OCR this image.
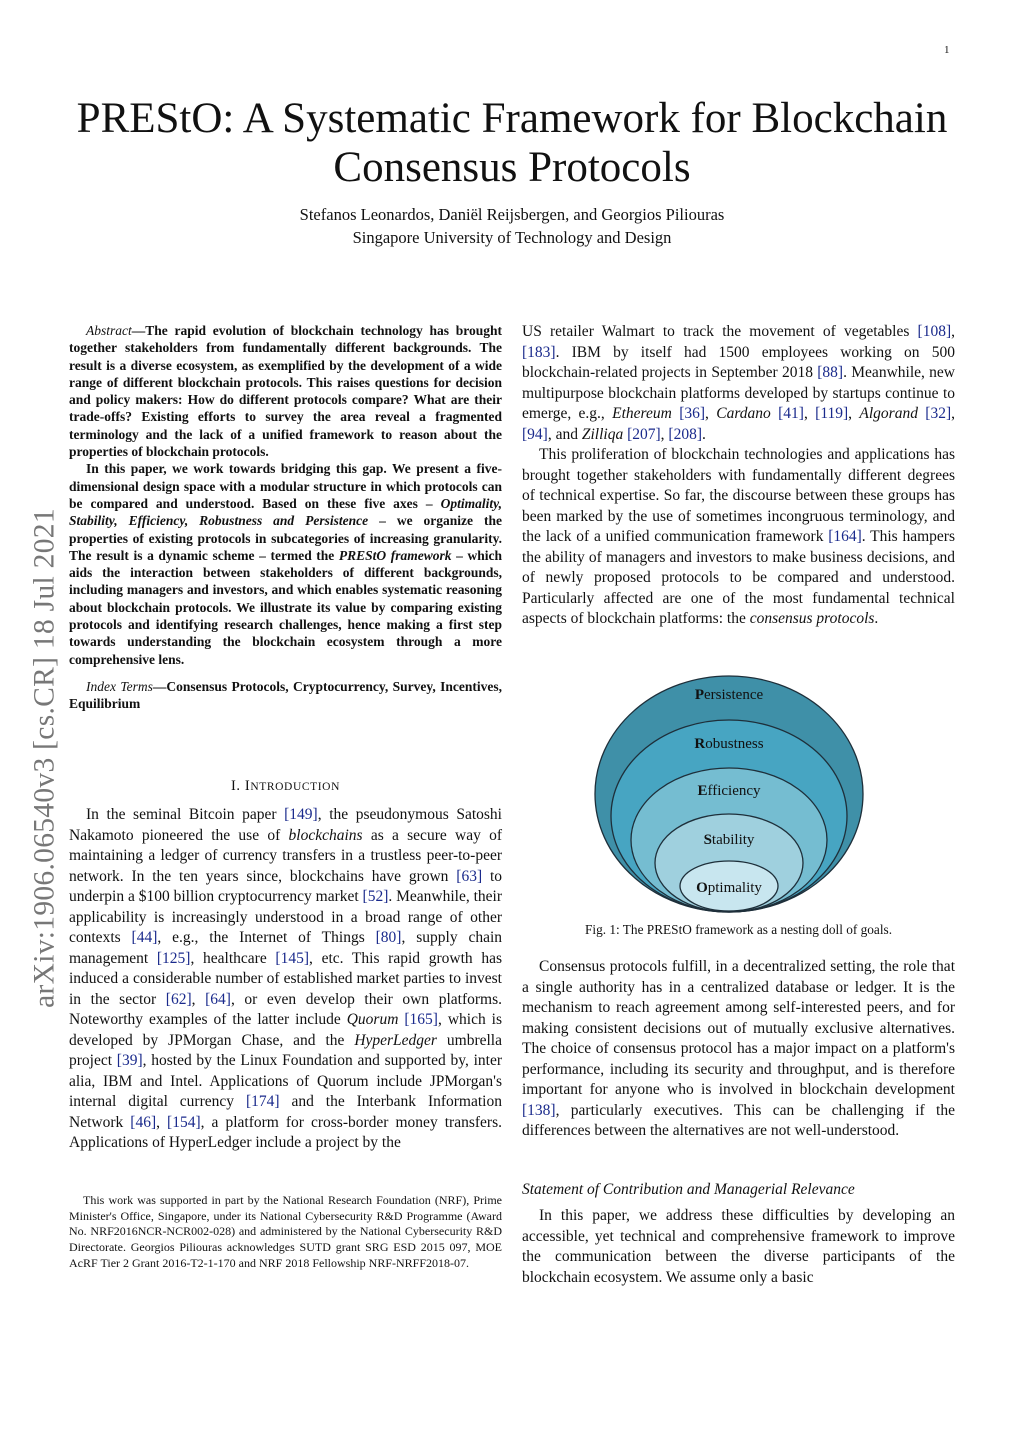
1
arXiv:1906.06540v3 [cs.CR] 18 Jul 2021
PREStO: A Systematic Framework for Blockchain Consensus Protocols
Stefanos Leonardos, Daniël Reijsbergen, and Georgios Piliouras
Singapore University of Technology and Design

Abstract—The rapid evolution of blockchain technology has brought together stakeholders from fundamentally different backgrounds. The result is a diverse ecosystem, as exemplified by the development of a wide range of different blockchain protocols. This raises questions for decision and policy makers: How do different protocols compare? What are their trade-offs? Existing efforts to survey the area reveal a fragmented terminology and the lack of a unified framework to reason about the properties of blockchain protocols.

In this paper, we work towards bridging this gap. We present a five-dimensional design space with a modular structure in which protocols can be compared and understood. Based on these five axes – Optimality, Stability, Efficiency, Robustness and Persistence – we organize the properties of existing protocols in subcategories of increasing granularity. The result is a dynamic scheme – termed the PREStO framework – which aids the interaction between stakeholders of different backgrounds, including managers and investors, and which enables systematic reasoning about blockchain protocols. We illustrate its value by comparing existing protocols and identifying research challenges, hence making a first step towards understanding the blockchain ecosystem through a more comprehensive lens.

Index Terms—Consensus Protocols, Cryptocurrency, Survey, Incentives, Equilibrium

I. INTRODUCTION

In the seminal Bitcoin paper [149], the pseudonymous Satoshi Nakamoto pioneered the use of blockchains as a secure way of maintaining a ledger of currency transfers in a trustless peer-to-peer network. In the ten years since, blockchains have grown [63] to underpin a $100 billion cryptocurrency market [52]. Meanwhile, their applicability is increasingly understood in a broad range of other contexts [44], e.g., the Internet of Things [80], supply chain management [125], healthcare [145], etc. This rapid growth has induced a considerable number of established market parties to invest in the sector [62], [64], or even develop their own platforms. Noteworthy examples of the latter include Quorum [165], which is developed by JPMorgan Chase, and the HyperLedger umbrella project [39], hosted by the Linux Foundation and supported by, inter alia, IBM and Intel. Applications of Quorum include JPMorgan's internal digital currency [174] and the Interbank Information Network [46], [154], a platform for cross-border money transfers. Applications of HyperLedger include a project by the

This work was supported in part by the National Research Foundation (NRF), Prime Minister's Office, Singapore, under its National Cybersecurity R&D Programme (Award No. NRF2016NCR-NCR002-028) and administered by the National Cybersecurity R&D Directorate. Georgios Piliouras acknowledges SUTD grant SRG ESD 2015 097, MOE AcRF Tier 2 Grant 2016-T2-1-170 and NRF 2018 Fellowship NRF-NRFF2018-07.

US retailer Walmart to track the movement of vegetables [108], [183]. IBM by itself had 1500 employees working on 500 blockchain-related projects in September 2018 [88]. Meanwhile, new multipurpose blockchain platforms developed by startups continue to emerge, e.g., Ethereum [36], Cardano [41], [119], Algorand [32], [94], and Zilliqa [207], [208].

This proliferation of blockchain technologies and applications has brought together stakeholders with fundamentally different degrees of technical expertise. So far, the discourse between these groups has been marked by the use of sometimes incongruous terminology, and the lack of a unified communication framework [164]. This hampers the ability of managers and investors to make business decisions, and of newly proposed protocols to be compared and understood. Particularly affected are one of the most fundamental technical aspects of blockchain platforms: the consensus protocols.

Persistence
Robustness
Efficiency
Stability
Optimality
Fig. 1: The PREStO framework as a nesting doll of goals.

Consensus protocols fulfill, in a decentralized setting, the role that a single authority has in a centralized database or ledger. It is the mechanism to reach agreement among self-interested peers, and for making consistent decisions out of mutually exclusive alternatives. The choice of consensus protocol has a major impact on a platform's performance, including its security and throughput, and is therefore important for anyone who is involved in blockchain development [138], particularly executives. This can be challenging if the differences between the alternatives are not well-understood.

Statement of Contribution and Managerial Relevance

In this paper, we address these difficulties by developing an accessible, yet technical and comprehensive framework to improve the communication between the diverse participants of the blockchain ecosystem. We assume only a basic
